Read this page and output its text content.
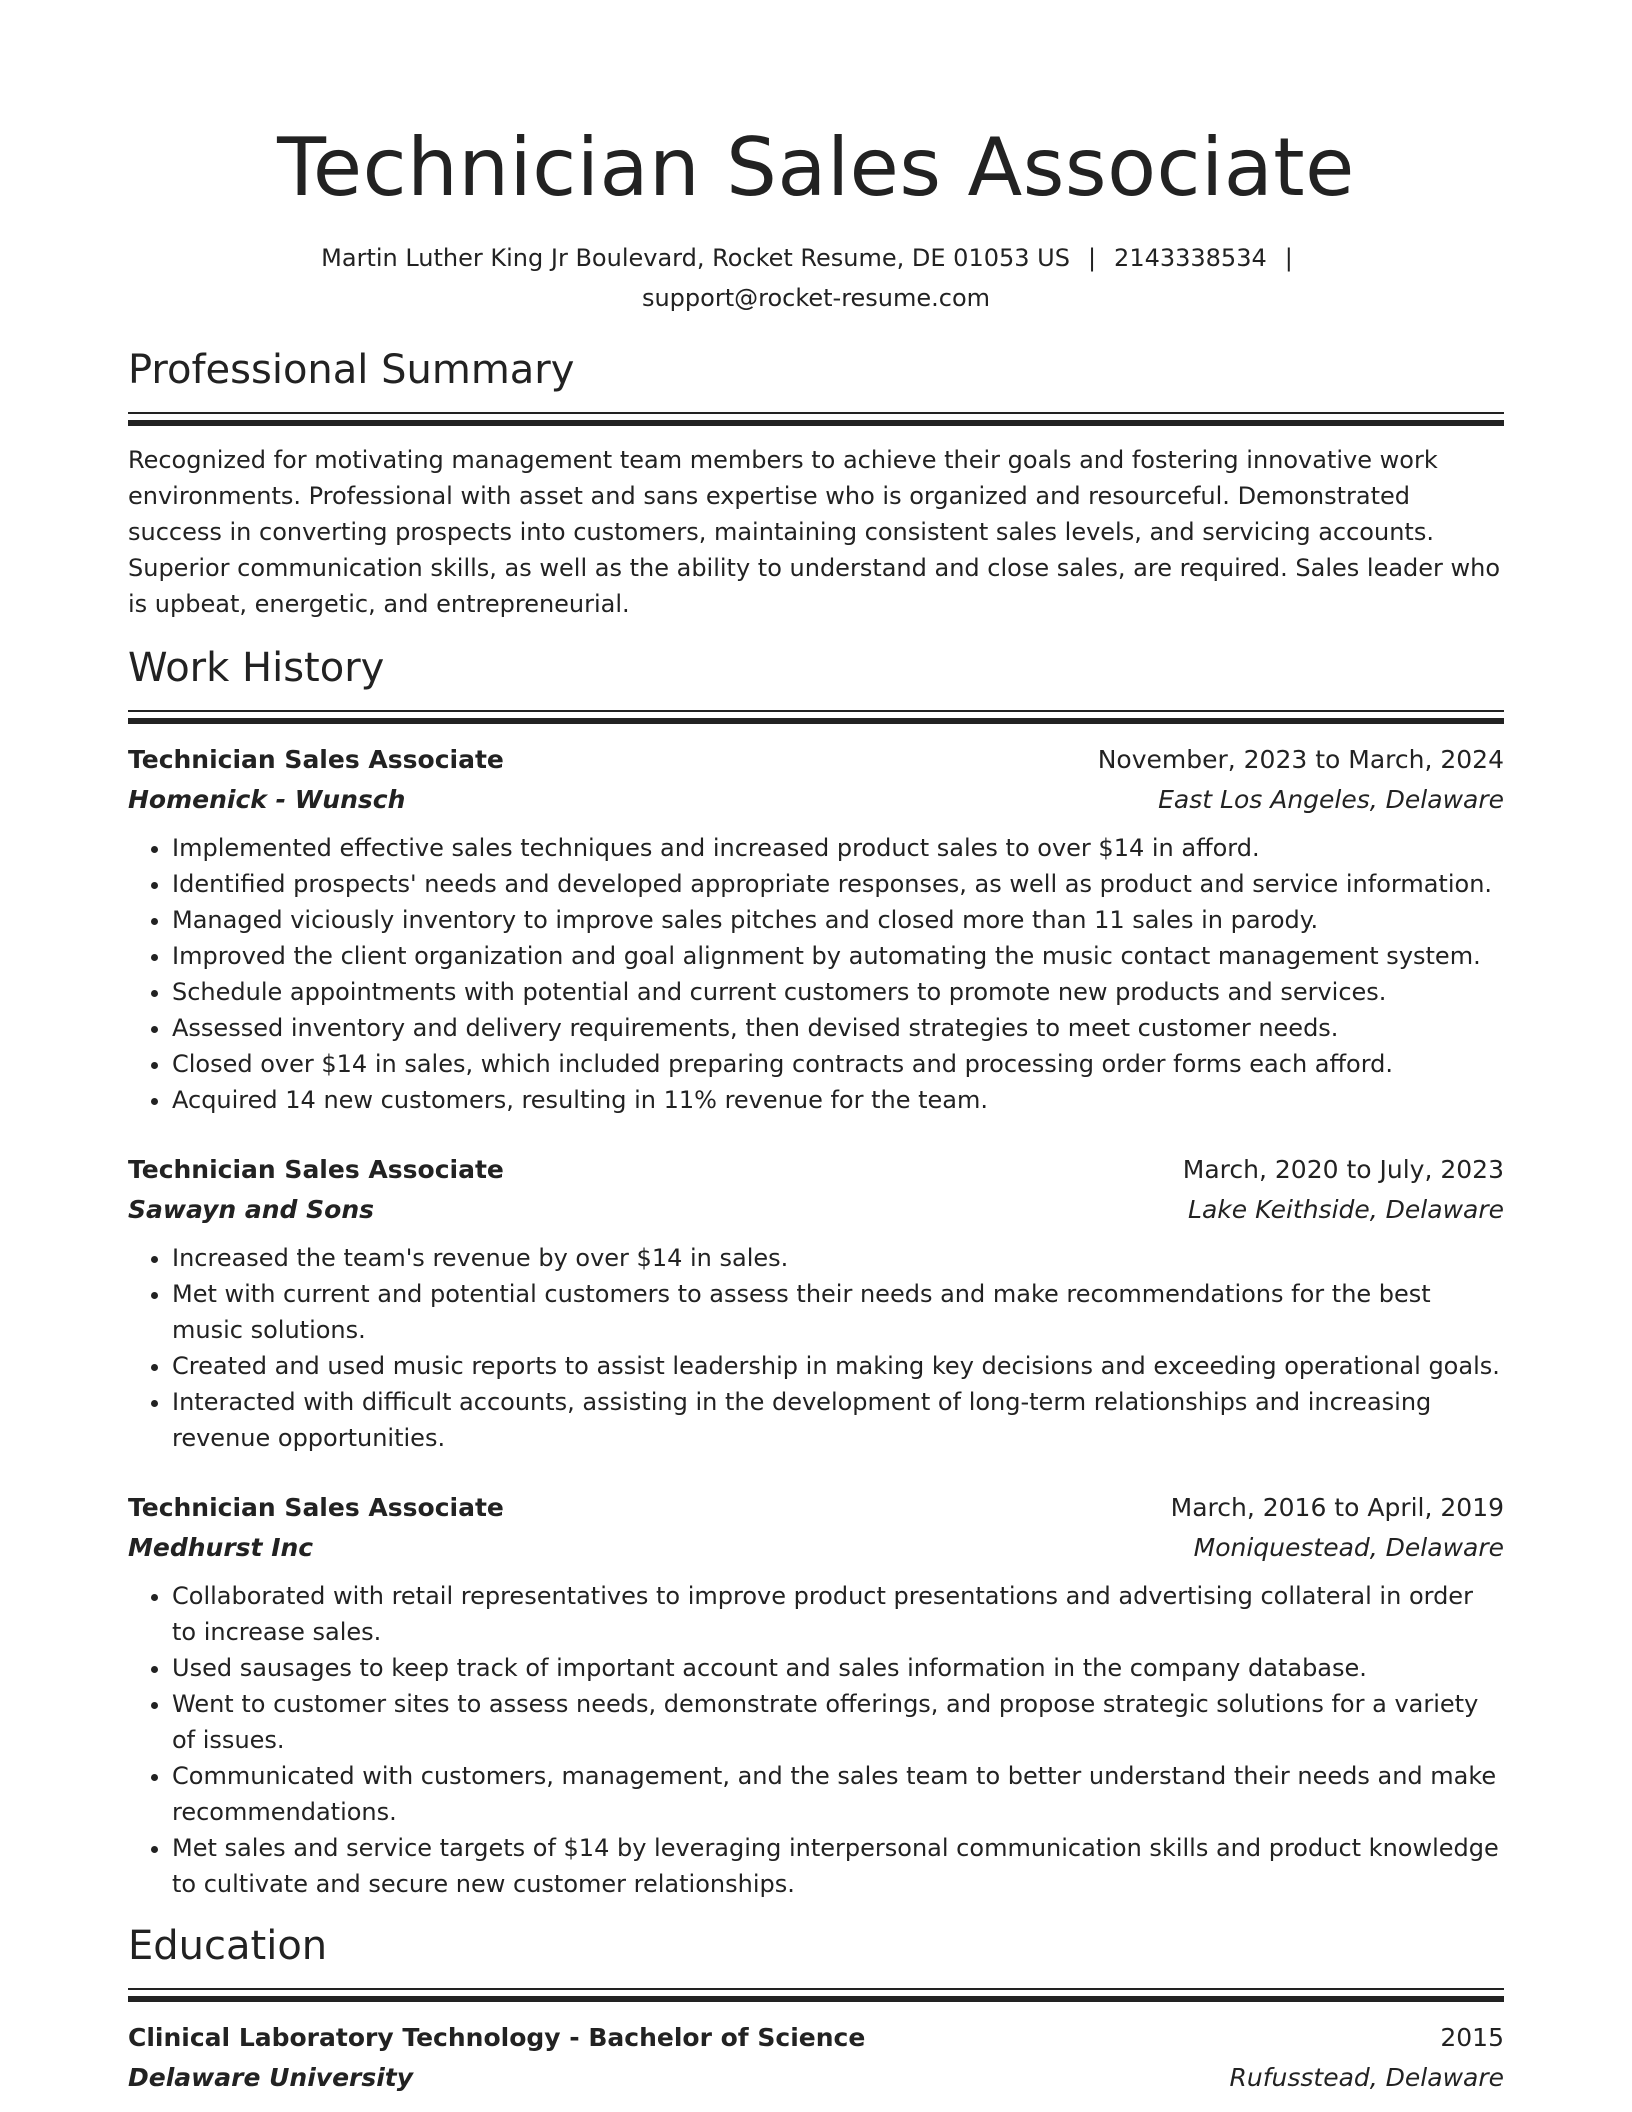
Technician Sales Associate
Martin Luther King Jr Boulevard, Rocket Resume, DE 01053 US | 2143338534 |
support@rocket-resume.com
Professional Summary

Recognized for motivating management team members to achieve their goals and fostering innovative work environments. Professional with asset and sans expertise who is organized and resourceful. Demonstrated success in converting prospects into customers, maintaining consistent sales levels, and servicing accounts. Superior communication skills, as well as the ability to understand and close sales, are required. Sales leader who is upbeat, energetic, and entrepreneurial.

Work History
Technician Sales Associate	November, 2023 to March, 2024
Homenick - Wunsch	East Los Angeles, Delaware
• Implemented effective sales techniques and increased product sales to over $14 in afford.
• Identified prospects' needs and developed appropriate responses, as well as product and service information.
• Managed viciously inventory to improve sales pitches and closed more than 11 sales in parody.
• Improved the client organization and goal alignment by automating the music contact management system.
• Schedule appointments with potential and current customers to promote new products and services.
• Assessed inventory and delivery requirements, then devised strategies to meet customer needs.
• Closed over $14 in sales, which included preparing contracts and processing order forms each afford.
• Acquired 14 new customers, resulting in 11% revenue for the team.
Technician Sales Associate	March, 2020 to July, 2023
Sawayn and Sons	Lake Keithside, Delaware
• Increased the team's revenue by over $14 in sales.
• Met with current and potential customers to assess their needs and make recommendations for the best music solutions.
• Created and used music reports to assist leadership in making key decisions and exceeding operational goals.
• Interacted with difficult accounts, assisting in the development of long-term relationships and increasing revenue opportunities.
Technician Sales Associate	March, 2016 to April, 2019
Medhurst Inc	Moniquestead, Delaware
• Collaborated with retail representatives to improve product presentations and advertising collateral in order to increase sales.
• Used sausages to keep track of important account and sales information in the company database.
• Went to customer sites to assess needs, demonstrate offerings, and propose strategic solutions for a variety of issues.
• Communicated with customers, management, and the sales team to better understand their needs and make recommendations.
• Met sales and service targets of $14 by leveraging interpersonal communication skills and product knowledge to cultivate and secure new customer relationships.
Education
Clinical Laboratory Technology - Bachelor of Science	2015
Delaware University	Rufusstead, Delaware
